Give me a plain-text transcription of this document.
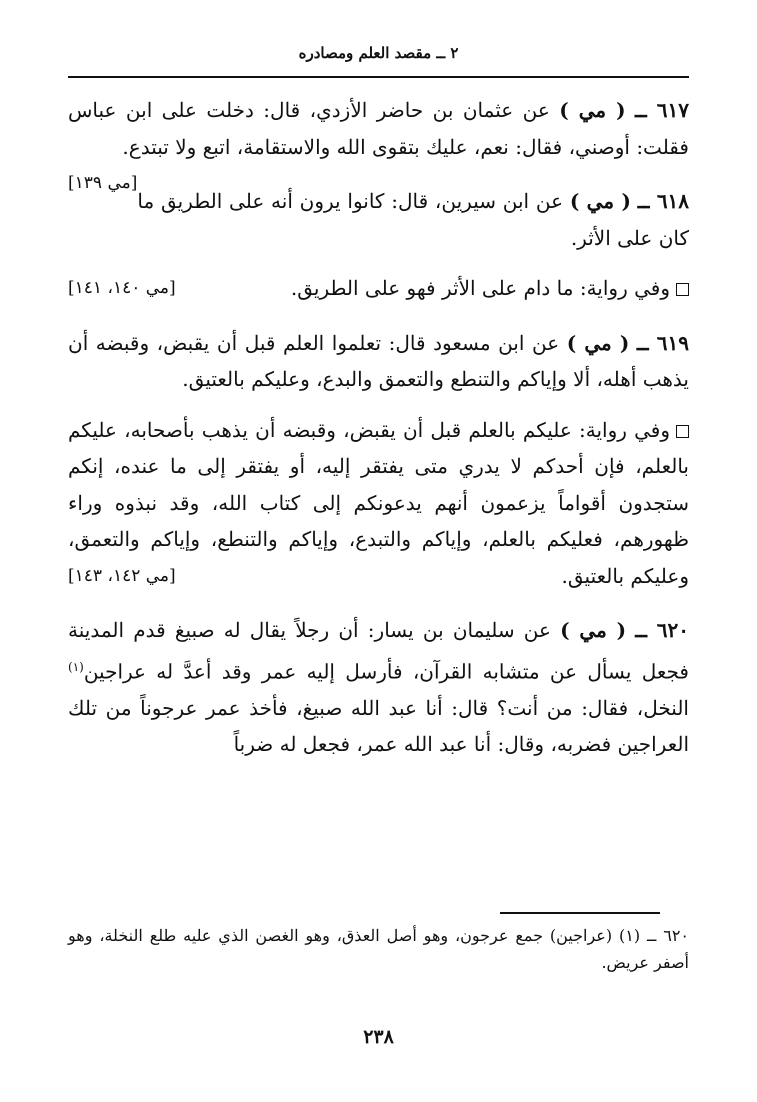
٢ ــ مقصد العلم ومصادره

٦١٧ ــ ( مي ) عن عثمان بن حاضر الأزدي، قال: دخلت على ابن عباس فقلت: أوصني، فقال: نعم، عليك بتقوى الله والاستقامة، اتبع ولا تبتدع.
[مي ١٣٩]

٦١٨ ــ ( مي ) عن ابن سيرين، قال: كانوا يرون أنه على الطريق ما كان على الأثر.

وفي رواية: ما دام على الأثر فهو على الطريق.
[مي ١٤٠، ١٤١]

٦١٩ ــ ( مي ) عن ابن مسعود قال: تعلموا العلم قبل أن يقبض، وقبضه أن يذهب أهله، ألا وإياكم والتنطع والتعمق والبدع، وعليكم بالعتيق.

وفي رواية: عليكم بالعلم قبل أن يقبض، وقبضه أن يذهب بأصحابه، عليكم بالعلم، فإن أحدكم لا يدري متى يفتقر إليه، أو يفتقر إلى ما عنده، إنكم ستجدون أقواماً يزعمون أنهم يدعونكم إلى كتاب الله، وقد نبذوه وراء ظهورهم، فعليكم بالعلم، وإياكم والتبدع، وإياكم والتنطع، وإياكم والتعمق، وعليكم بالعتيق.
[مي ١٤٢، ١٤٣]

٦٢٠ ــ ( مي ) عن سليمان بن يسار: أن رجلاً يقال له صبيغ قدم المدينة فجعل يسأل عن متشابه القرآن، فأرسل إليه عمر وقد أعدَّ له عراجين$^{(١)}$ النخل، فقال: من أنت؟ قال: أنا عبد الله صبيغ، فأخذ عمر عرجوناً من تلك العراجين فضربه، وقال: أنا عبد الله عمر، فجعل له ضرباً

٦٢٠ ــ (١) (عراجين) جمع عرجون، وهو أصل العذق، وهو الغصن الذي عليه طلع النخلة، وهو أصفر عريض.

٢٣٨
